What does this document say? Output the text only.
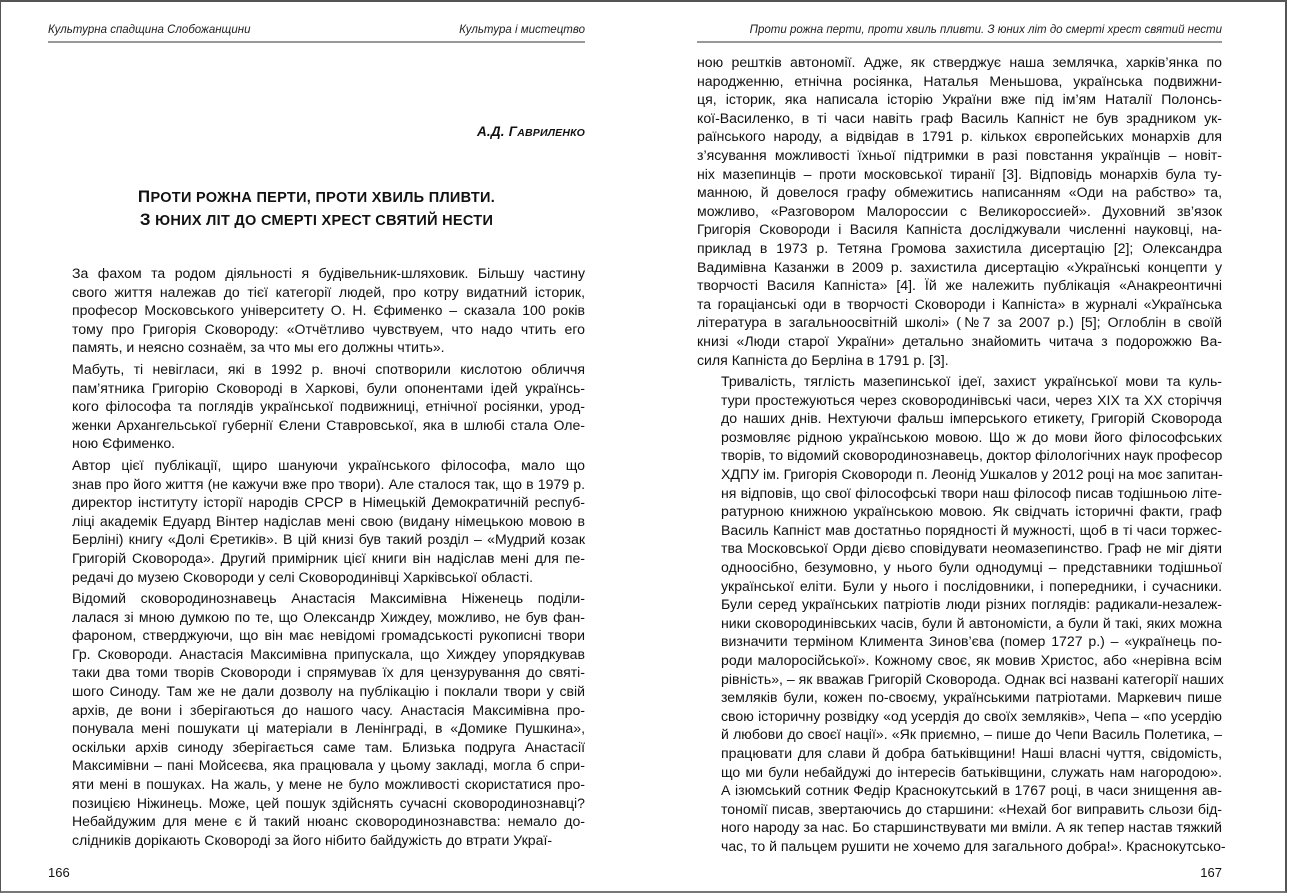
Культурна спадщина Слобожанщини	Культура і мистецтво
А.Д. ГАВРИЛЕНКО
ПРОТИ РОЖНА ПЕРТИ, ПРОТИ ХВИЛЬ ПЛИВТИ.
З ЮНИХ ЛІТ ДО СМЕРТІ ХРЕСТ СВЯТИЙ НЕСТИ

За фахом та родом діяльності я будівельник-шляховик. Більшу частину
свого життя належав до тієї категорії людей, про котру видатний історик,
професор Московського університету О. Н. Єфименко – сказала 100 років
тому про Григорія Сковороду: «Отчётливо чувствуем, что надо чтить его
память, и неясно сознаём, за что мы его должны чтить».

Мабуть, ті невігласи, які в 1992 р. вночі спотворили кислотою обличчя
пам’ятника Григорію Сковороді в Харкові, були опонентами ідей українсь-
кого філософа та поглядів української подвижниці, етнічної росіянки, урод-
женки Архангельської губернії Єлени Ставровської, яка в шлюбі стала Оле-
ною Єфименко.

Автор цієї публікації, щиро шануючи українського філософа, мало що
знав про його життя (не кажучи вже про твори). Але сталося так, що в 1979 р.
директор інституту історії народів СРСР в Німецькій Демократичній респуб-
ліці академік Едуард Вінтер надіслав мені свою (видану німецькою мовою в
Берліні) книгу «Долі Єретиків». В цій книзі був такий розділ – «Мудрий козак
Григорій Сковорода». Другий примірник цієї книги він надіслав мені для пе-
редачі до музею Сковороди у селі Сковородинівці Харківської області.

Відомий сковородинознавець Анастасія Максимівна Ніженець поділи-
лалася зі мною думкою по те, що Олександр Хиждеу, можливо, не був фан-
фароном, стверджуючи, що він має невідомі громадськості рукописні твори
Гр. Сковороди. Анастасія Максимівна припускала, що Хиждеу упорядкував
таки два томи творів Сковороди і спрямував їх для цензурування до святі-
шого Синоду. Там же не дали дозволу на публікацію і поклали твори у свій
архів, де вони і зберігаються до нашого часу. Анастасія Максимівна про-
понувала мені пошукати ці матеріали в Ленінграді, в «Домике Пушкина»,
оскільки архів синоду зберігається саме там. Близька подруга Анастасії
Максимівни – пані Мойсеєва, яка працювала у цьому закладі, могла б спри-
яти мені в пошуках. На жаль, у мене не було можливості скористатися про-
позицією Ніжинець. Може, цей пошук здійснять сучасні сковородинознавці?
Небайдужим для мене є й такий нюанс сковородинознавства: немало до-
слідників дорікають Сковороді за його нібито байдужість до втрати Украї-

166
Проти рожна перти, проти хвиль пливти. З юних літ до смерті хрест святий нести

ною рештків автономії. Адже, як стверджує наша землячка, харків’янка по
народженню, етнічна росіянка, Наталья Меньшова, українська подвижни-
ця, історик, яка написала історію України вже під ім’ям Наталії Полонсь-
кої-Василенко, в ті часи навіть граф Василь Капніст не був зрадником ук-
раїнського народу, а відвідав в 1791 р. кількох європейських монархів для
з’ясування можливості їхньої підтримки в разі повстання українців – новіт-
ніх мазепинців – проти московської тиранії [3]. Відповідь монархів була ту-
манною, й довелося графу обмежитись написанням «Оди на рабство» та,
можливо, «Разговором Малороссии с Великороссией». Духовний зв’язок
Григорія Сковороди і Василя Капніста досліджували численні науковці, на-
приклад в 1973 р. Тетяна Громова захистила дисертацію [2]; Олександра
Вадимівна Казанжи в 2009 р. захистила дисертацію «Українські концепти у
творчості Василя Капніста» [4]. Їй же належить публікація «Анакреонтичні
та гораціанські оди в творчості Сковороди і Капніста» в журналі «Українська
література в загальноосвітній школі» (№7 за 2007 р.) [5]; Оглоблін в своїй
книзі «Люди старої України» детально знайомить читача з подорожжю Ва-
силя Капніста до Берліна в 1791 р. [3].

Тривалість, тяглість мазепинської ідеї, захист української мови та куль-
тури простежуються через сковородинівські часи, через XIX та XX сторіччя
до наших днів. Нехтуючи фальш імперського етикету, Григорій Сковорода
розмовляє рідною українською мовою. Що ж до мови його філософських
творів, то відомий сковородинознавець, доктор філологічних наук професор
ХДПУ ім. Григорія Сковороди п. Леонід Ушкалов у 2012 році на моє запитан-
ня відповів, що свої філософські твори наш філософ писав тодішньою літе-
ратурною книжною українською мовою. Як свідчать історичні факти, граф
Василь Капніст мав достатньо порядності й мужності, щоб в ті часи торжес-
тва Московської Орди дієво сповідувати неомазепинство. Граф не міг діяти
одноосібно, безумовно, у нього були однодумці – представники тодішньої
української еліти. Були у нього і послідовники, і попередники, і сучасники.
Були серед українських патріотів люди різних поглядів: радикали-незалеж-
ники сковородинівських часів, були й автономісти, а були й такі, яких можна
визначити терміном Климента Зинов’єва (помер 1727 р.) – «українець по-
роди малоросійської». Кожному своє, як мовив Христос, або «нерівна всім
рівність», – як вважав Григорій Сковорода. Однак всі названі категорії наших
земляків були, кожен по-своєму, українськими патріотами. Маркевич пише
свою історичну розвідку «од усердія до своїх земляків», Чепа – «по усердію
й любови до своєї нації». «Як приємно, – пише до Чепи Василь Полетика, –
працювати для слави й добра батьківщини! Наші власні чуття, свідомість,
що ми були небайдужі до інтересів батьківщини, служать нам нагородою».
А ізюмський сотник Федір Краснокутський в 1767 році, в часи знищення ав-
тономії писав, звертаючись до старшини: «Нехай бог виправить сльози бід-
ного народу за нас. Бо старшинствувати ми вміли. А як тепер настав тяжкий
час, то й пальцем рушити не хочемо для загального добра!». Краснокутсько-

167
